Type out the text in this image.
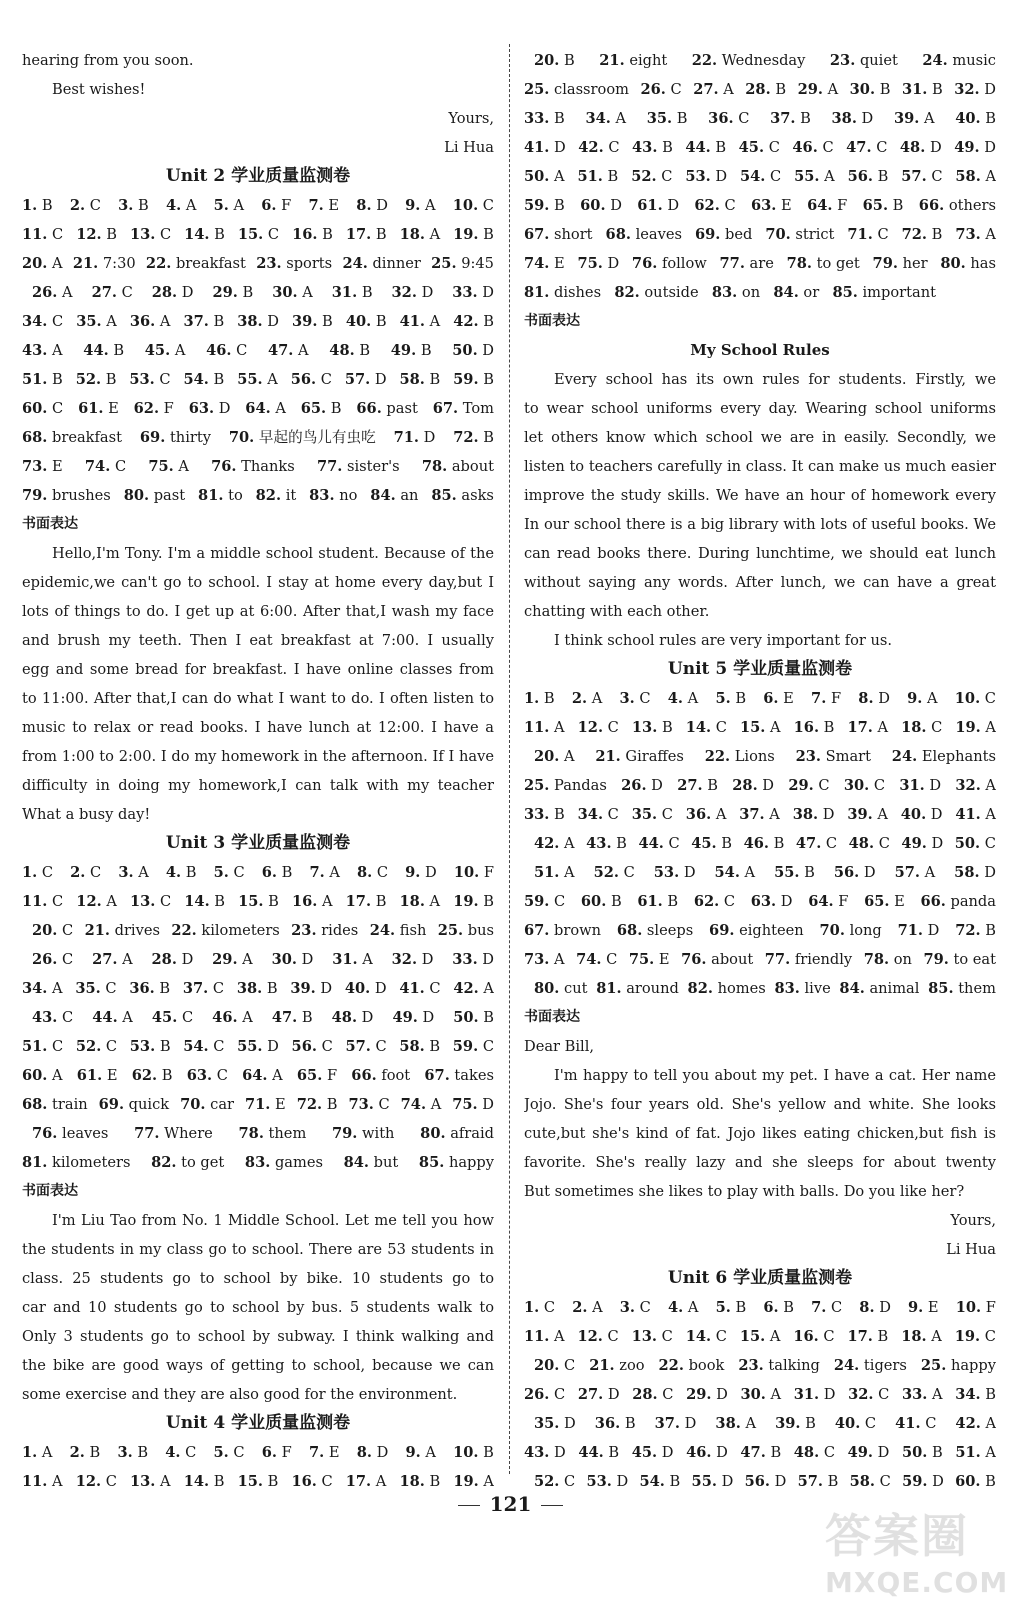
hearing from you soon.
Best wishes!
Yours,
Li Hua
Unit 2 学业质量监测卷
1. B 2. C 3. B 4. A 5. A 6. F 7. E 8. D 9. A 10. C
11. C 12. B 13. C 14. B 15. C 16. B 17. B 18. A 19. B
20. A 21. 7:30 22. breakfast 23. sports 24. dinner 25. 9:45
26. A 27. C 28. D 29. B 30. A 31. B 32. D 33. D
34. C 35. A 36. A 37. B 38. D 39. B 40. B 41. A 42. B
43. A 44. B 45. A 46. C 47. A 48. B 49. B 50. D
51. B 52. B 53. C 54. B 55. A 56. C 57. D 58. B 59. B
60. C 61. E 62. F 63. D 64. A 65. B 66. past 67. Tom
68. breakfast 69. thirty 70. 早起的鸟儿有虫吃 71. D 72. B
73. E 74. C 75. A 76. Thanks 77. sister's 78. about
79. brushes 80. past 81. to 82. it 83. no 84. an 85. asks
书面表达
Hello,I'm Tony. I'm a middle school student. Because of the
epidemic,we can't go to school. I stay at home every day,but I
lots of things to do. I get up at 6:00. After that,I wash my face
and brush my teeth. Then I eat breakfast at 7:00. I usually
egg and some bread for breakfast. I have online classes from
to 11:00. After that,I can do what I want to do. I often listen to
music to relax or read books. I have lunch at 12:00. I have a
from 1:00 to 2:00. I do my homework in the afternoon. If I have
difficulty in doing my homework,I can talk with my teacher
What a busy day!
Unit 3 学业质量监测卷
1. C 2. C 3. A 4. B 5. C 6. B 7. A 8. C 9. D 10. F
11. C 12. A 13. C 14. B 15. B 16. A 17. B 18. A 19. B
20. C 21. drives 22. kilometers 23. rides 24. fish 25. bus
26. C 27. A 28. D 29. A 30. D 31. A 32. D 33. D
34. A 35. C 36. B 37. C 38. B 39. D 40. D 41. C 42. A
43. C 44. A 45. C 46. A 47. B 48. D 49. D 50. B
51. C 52. C 53. B 54. C 55. D 56. C 57. C 58. B 59. C
60. A 61. E 62. B 63. C 64. A 65. F 66. foot 67. takes
68. train 69. quick 70. car 71. E 72. B 73. C 74. A 75. D
76. leaves 77. Where 78. them 79. with 80. afraid
81. kilometers 82. to get 83. games 84. but 85. happy
书面表达
I'm Liu Tao from No. 1 Middle School. Let me tell you how
the students in my class go to school. There are 53 students in
class. 25 students go to school by bike. 10 students go to
car and 10 students go to school by bus. 5 students walk to
Only 3 students go to school by subway. I think walking and
the bike are good ways of getting to school, because we can
some exercise and they are also good for the environment.
Unit 4 学业质量监测卷
1. A 2. B 3. B 4. C 5. C 6. F 7. E 8. D 9. A 10. B
11. A 12. C 13. A 14. B 15. B 16. C 17. A 18. B 19. A
20. B 21. eight 22. Wednesday 23. quiet 24. music
25. classroom 26. C 27. A 28. B 29. A 30. B 31. B 32. D
33. B 34. A 35. B 36. C 37. B 38. D 39. A 40. B
41. D 42. C 43. B 44. B 45. C 46. C 47. C 48. D 49. D
50. A 51. B 52. C 53. D 54. C 55. A 56. B 57. C 58. A
59. B 60. D 61. D 62. C 63. E 64. F 65. B 66. others
67. short 68. leaves 69. bed 70. strict 71. C 72. B 73. A
74. E 75. D 76. follow 77. are 78. to get 79. her 80. has
81. dishes 82. outside 83. on 84. or 85. important
书面表达
My School Rules
Every school has its own rules for students. Firstly, we
to wear school uniforms every day. Wearing school uniforms
let others know which school we are in easily. Secondly, we
listen to teachers carefully in class. It can make us much easier
improve the study skills. We have an hour of homework every
In our school there is a big library with lots of useful books. We
can read books there. During lunchtime, we should eat lunch
without saying any words. After lunch, we can have a great
chatting with each other.
I think school rules are very important for us.
Unit 5 学业质量监测卷
1. B 2. A 3. C 4. A 5. B 6. E 7. F 8. D 9. A 10. C
11. A 12. C 13. B 14. C 15. A 16. B 17. A 18. C 19. A
20. A 21. Giraffes 22. Lions 23. Smart 24. Elephants
25. Pandas 26. D 27. B 28. D 29. C 30. C 31. D 32. A
33. B 34. C 35. C 36. A 37. A 38. D 39. A 40. D 41. A
42. A 43. B 44. C 45. B 46. B 47. C 48. C 49. D 50. C
51. A 52. C 53. D 54. A 55. B 56. D 57. A 58. D
59. C 60. B 61. B 62. C 63. D 64. F 65. E 66. panda
67. brown 68. sleeps 69. eighteen 70. long 71. D 72. B
73. A 74. C 75. E 76. about 77. friendly 78. on 79. to eat
80. cut 81. around 82. homes 83. live 84. animal 85. them
书面表达
Dear Bill,
I'm happy to tell you about my pet. I have a cat. Her name
Jojo. She's four years old. She's yellow and white. She looks
cute,but she's kind of fat. Jojo likes eating chicken,but fish is
favorite. She's really lazy and she sleeps for about twenty
But sometimes she likes to play with balls. Do you like her?
Yours,
Li Hua
Unit 6 学业质量监测卷
1. C 2. A 3. C 4. A 5. B 6. B 7. C 8. D 9. E 10. F
11. A 12. C 13. C 14. C 15. A 16. C 17. B 18. A 19. C
20. C 21. zoo 22. book 23. talking 24. tigers 25. happy
26. C 27. D 28. C 29. D 30. A 31. D 32. C 33. A 34. B
35. D 36. B 37. D 38. A 39. B 40. C 41. C 42. A
43. D 44. B 45. D 46. D 47. B 48. C 49. D 50. B 51. A
52. C 53. D 54. B 55. D 56. D 57. B 58. C 59. D 60. B
121
答案圈
MXQE.COM
